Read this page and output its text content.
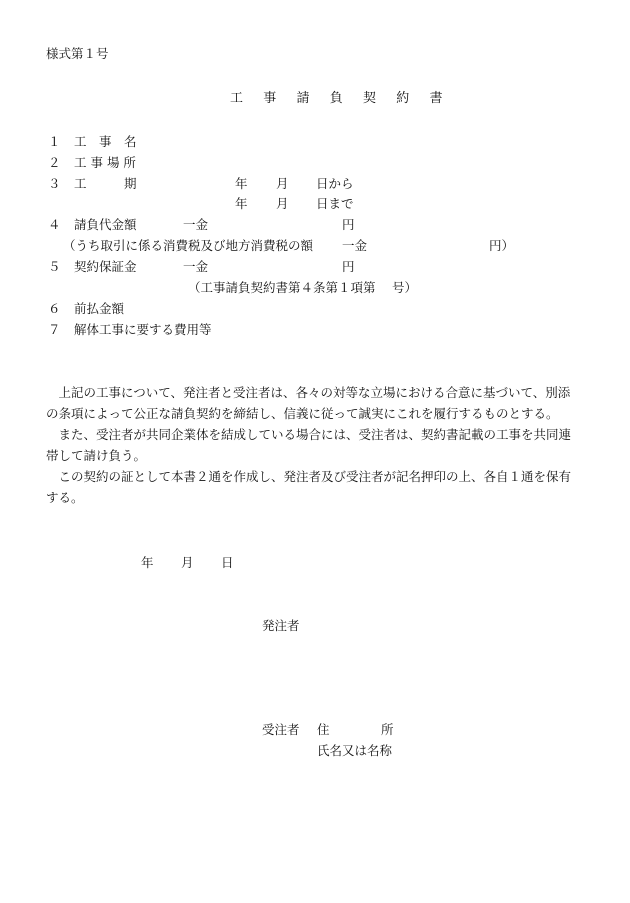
様式第１号
工 事 請 負 契 約 書
１ 工　事　名
２ 工 事 場 所
３ 工　　　期	年 月 日から
年 月 日まで
４ 請負代金額	一金	円
（うち取引に係る消費税及び地方消費税の額 一金	円）
５ 契約保証金	一金	円
（工事請負契約書第４条第１項第　 号）
６ 前払金額
７ 解体工事に要する費用等

上記の工事について、発注者と受注者は、各々の対等な立場における合意に基づいて、別添の条項によって公正な請負契約を締結し、信義に従って誠実にこれを履行するものとする。

また、受注者が共同企業体を結成している場合には、受注者は、契約書記載の工事を共同連帯して請け負う。

この契約の証として本書２通を作成し、発注者及び受注者が記名押印の上、各自１通を保有する。

年 月 日
発注者
受注者 住	所
氏名又は名称
